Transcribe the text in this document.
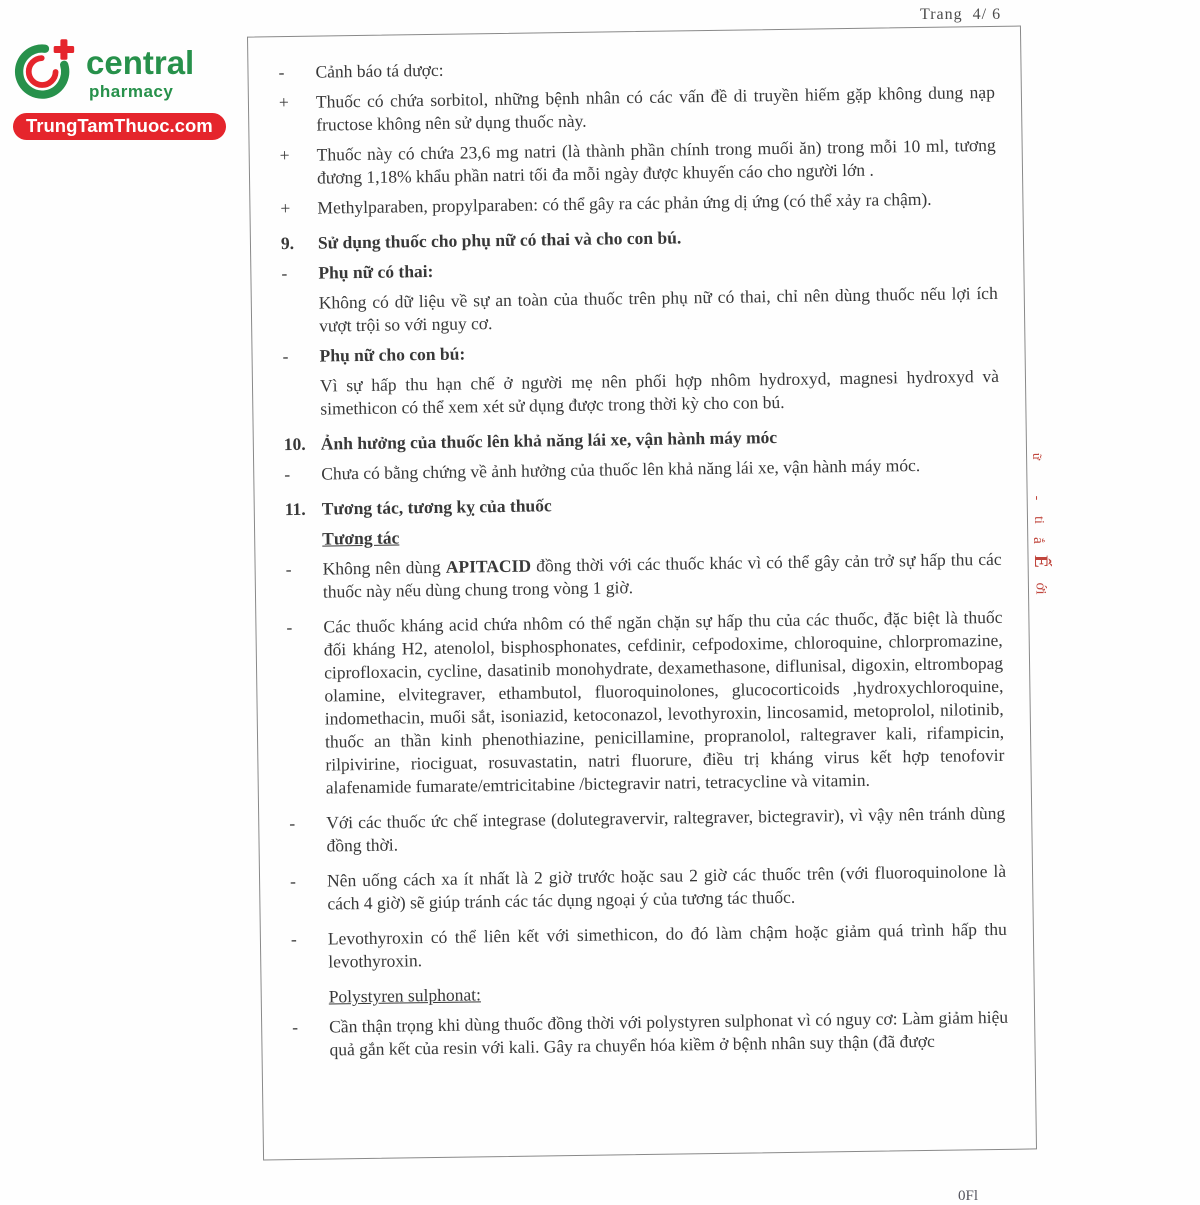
Trang  4/ 6
central
pharmacy
TrungTamThuoc.com
-	Cảnh báo tá dược:
+	Thuốc có chứa sorbitol, những bệnh nhân có các vấn đề di truyền hiếm gặp không dung nạp fructose không nên sử dụng thuốc này.
+	Thuốc này có chứa 23,6 mg natri (là thành phần chính trong muối ăn) trong mỗi 10 ml, tương đương 1,18% khẩu phần natri tối đa mỗi ngày được khuyến cáo cho người lớn .
+	Methylparaben, propylparaben: có thể gây ra các phản ứng dị ứng (có thể xảy ra chậm).
9.	Sử dụng thuốc cho phụ nữ có thai và cho con bú.
-	Phụ nữ có thai:
Không có dữ liệu về sự an toàn của thuốc trên phụ nữ có thai, chỉ nên dùng thuốc nếu lợi ích vượt trội so với nguy cơ.
-	Phụ nữ cho con bú:
Vì sự hấp thu hạn chế ở người mẹ nên phối hợp nhôm hydroxyd, magnesi hydroxyd và simethicon có thể xem xét sử dụng được trong thời kỳ cho con bú.
10. Ảnh hưởng của thuốc lên khả năng lái xe, vận hành máy móc
-	Chưa có bằng chứng về ảnh hưởng của thuốc lên khả năng lái xe, vận hành máy móc.
11. Tương tác, tương kỵ của thuốc
Tương tác
-	Không nên dùng APITACID đồng thời với các thuốc khác vì có thể gây cản trở sự hấp thu các thuốc này nếu dùng chung trong vòng 1 giờ.
-	Các thuốc kháng acid chứa nhôm có thể ngăn chặn sự hấp thu của các thuốc, đặc biệt là thuốc đối kháng H2, atenolol, bisphosphonates, cefdinir, cefpodoxime, chloroquine, chlorpromazine, ciprofloxacin, cycline, dasatinib monohydrate, dexamethasone, diflunisal, digoxin, eltrombopag olamine, elvitegraver, ethambutol, fluoroquinolones, glucocorticoids ,hydroxychloroquine, indomethacin, muối sắt, isoniazid, ketoconazol, levothyroxin, lincosamid, metoprolol, nilotinib, thuốc an thần kinh phenothiazine, penicillamine, propranolol, raltegraver kali, rifampicin, rilpivirine, riociguat, rosuvastatin, natri fluorure, điều trị kháng virus kết hợp tenofovir alafenamide fumarate/emtricitabine /bictegravir natri, tetracycline và vitamin.
-	Với các thuốc ức chế integrase (dolutegravervir, raltegraver, bictegravir), vì vậy nên tránh dùng đồng thời.
-	Nên uống cách xa ít nhất là 2 giờ trước hoặc sau 2 giờ các thuốc trên (với fluoroquinolone là cách 4 giờ) sẽ giúp tránh các tác dụng ngoại ý của tương tác thuốc.
-	Levothyroxin có thể liên kết với simethicon, do đó làm chậm hoặc giảm quá trình hấp thu levothyroxin.
Polystyren sulphonat:
-	Cần thận trọng khi dùng thuốc đồng thời với polystyren sulphonat vì có nguy cơ: Làm giảm hiệu quả gắn kết của resin với kali. Gây ra chuyển hóa kiềm ở bệnh nhân suy thận (đã được
ữ
-
ti
ắ
Ế
ới
0Fl
